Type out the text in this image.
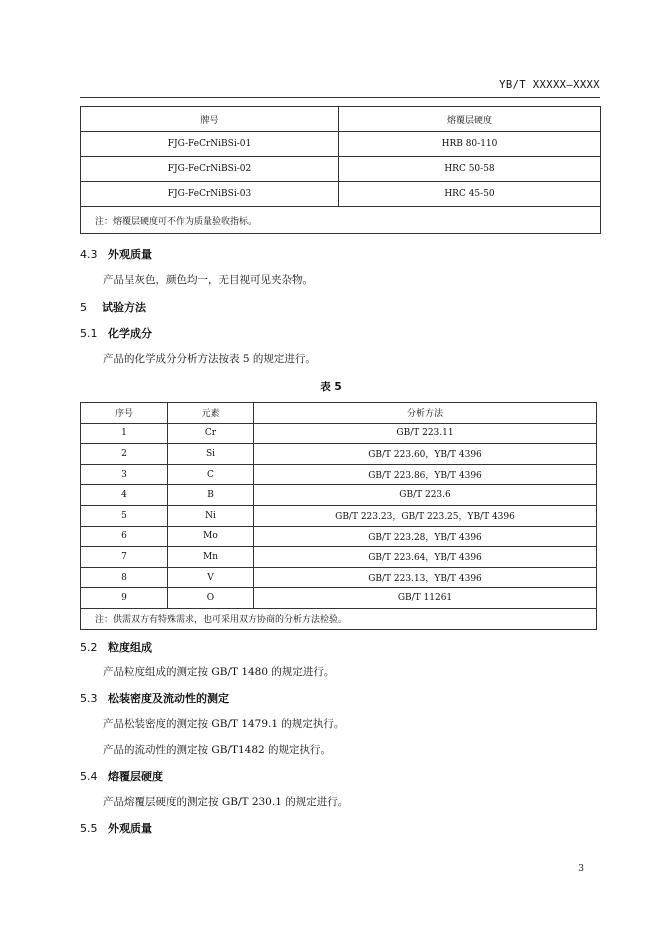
YB/T XXXXX—XXXX
牌号	熔覆层硬度
FJG-FeCrNiBSi-01	HRB 80-110
FJG-FeCrNiBSi-02	HRC 50-58
FJG-FeCrNiBSi-03	HRC 45-50
注：熔覆层硬度可不作为质量验收指标。	
4.3 外观质量
产品呈灰色，颜色均一，无目视可见夹杂物。
5 试验方法
5.1 化学成分
产品的化学成分分析方法按表 5 的规定进行。
表 5
序号	元素	分析方法
1	Cr	GB/T 223.11
2	Si	GB/T 223.60，YB/T 4396
3	C	GB/T 223.86，YB/T 4396
4	B	GB/T 223.6
5	Ni	GB/T 223.23，GB/T 223.25，YB/T 4396
6	Mo	GB/T 223.28，YB/T 4396
7	Mn	GB/T 223.64，YB/T 4396
8	V	GB/T 223.13，YB/T 4396
9	O	GB/T 11261
注：供需双方有特殊需求，也可采用双方协商的分析方法检验。		
5.2 粒度组成
产品粒度组成的测定按 GB/T 1480 的规定进行。
5.3 松装密度及流动性的测定
产品松装密度的测定按 GB/T 1479.1 的规定执行。
产品的流动性的测定按 GB/T1482 的规定执行。
5.4 熔覆层硬度
产品熔覆层硬度的测定按 GB/T 230.1 的规定进行。
5.5 外观质量
3
